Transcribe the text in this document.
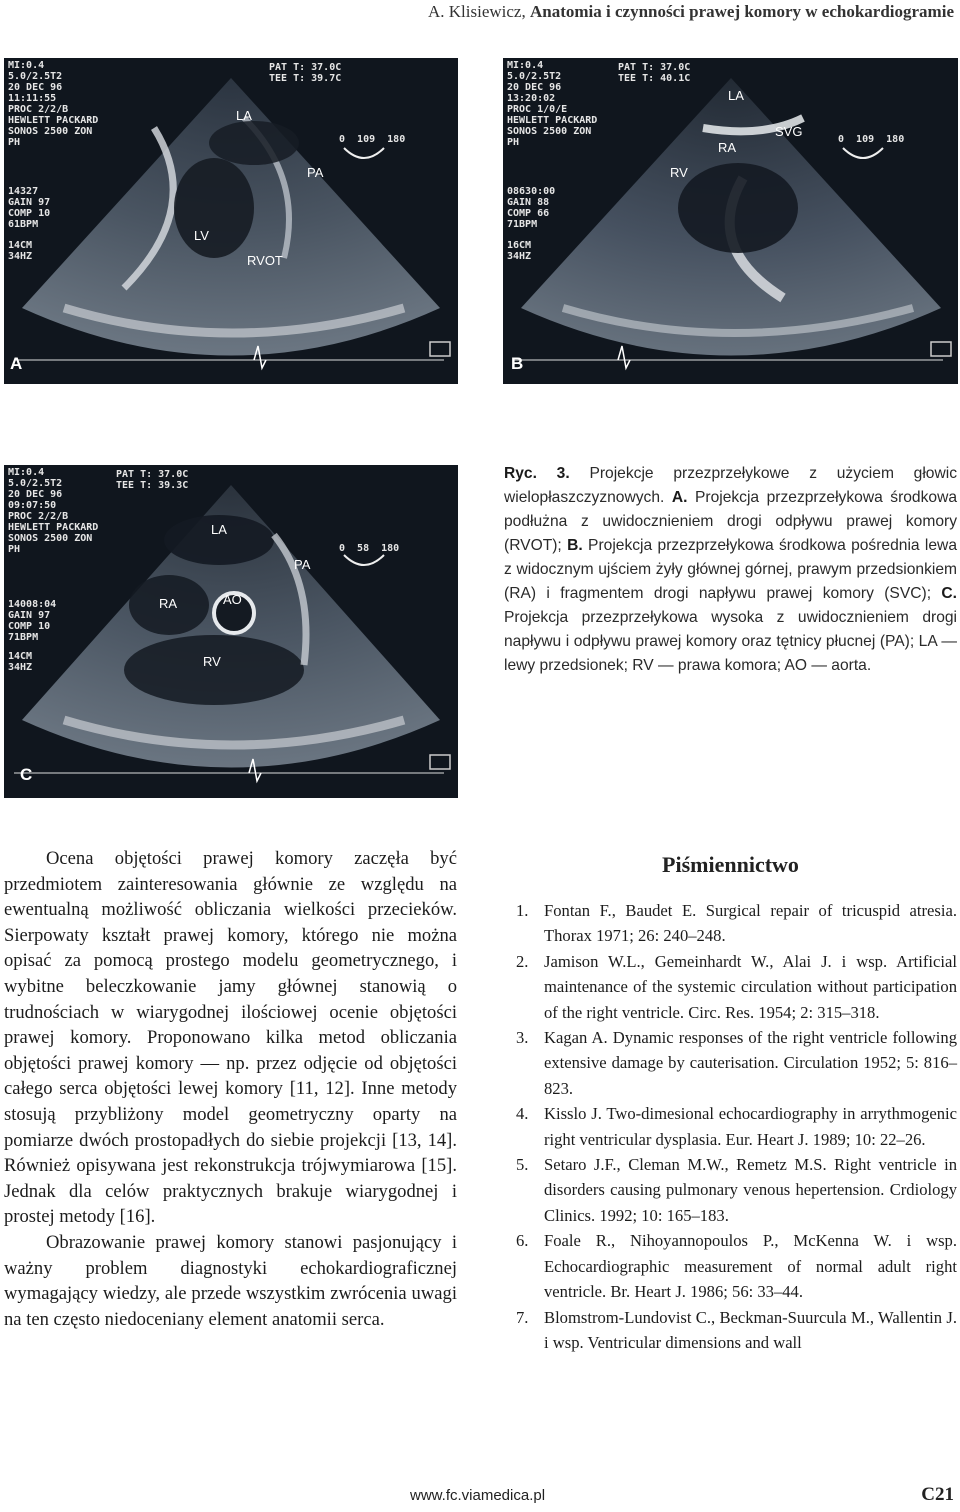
A. Klisiewicz, Anatomia i czynności prawej komory w echokardiogramie
MI:0.4
5.0/2.5T2
20 DEC 96
11:11:55
PROC 2/2/B
HEWLETT PACKARD
SONOS 2500 ZON
PH
PAT T: 37.0C
TEE T: 39.7C
14327
GAIN 97
COMP 10
61BPM
14CM
34HZ
0  109  180
LA
PA
LV
RVOT
A
MI:0.4
5.0/2.5T2
20 DEC 96
13:20:02
PROC 1/0/E
HEWLETT PACKARD
SONOS 2500 ZON
PH
PAT T: 37.0C
TEE T: 40.1C
08630:00
GAIN 88
COMP 66
71BPM
16CM
34HZ
0  109  180
LA
SVG
RA
RV
B
MI:0.4
5.0/2.5T2
20 DEC 96
09:07:50
PROC 2/2/B
HEWLETT PACKARD
SONOS 2500 ZON
PH
PAT T: 37.0C
TEE T: 39.3C
14008:04
GAIN 97
COMP 10
71BPM
14CM
34HZ
0  58  180
LA
PA
RA	AO
RV
C
Ryc. 3. Projekcje przezprzełykowe z użyciem głowic wielopłaszczyznowych. A. Projekcja przezprzełykowa środkowa podłużna z uwidocznieniem drogi odpływu prawej komory (RVOT); B. Projekcja przezprzełykowa środkowa pośrednia lewa z widocznym ujściem żyły głównej górnej, prawym przedsionkiem (RA) i fragmentem drogi napływu prawej komory (SVC); C. Projekcja przezprzełykowa wysoka z uwidocznieniem drogi napływu i odpływu prawej komory oraz tętnicy płucnej (PA); LA — lewy przedsionek; RV — prawa komora; AO — aorta.

Ocena objętości prawej komory zaczęła być przedmiotem zainteresowania głównie ze względu na ewentualną możliwość obliczania wielkości przecieków. Sierpowaty kształt prawej komory, którego nie można opisać za pomocą prostego modelu geometrycznego, i wybitne beleczkowanie jamy głównej stanowią o trudnościach w wiarygodnej ilościowej ocenie objętości prawej komory. Proponowano kilka metod obliczania objętości prawej komory — np. przez odjęcie od objętości całego serca objętości lewej komory [11, 12]. Inne metody stosują przybliżony model geometryczny oparty na pomiarze dwóch prostopadłych do siebie projekcji [13, 14]. Również opisywana jest rekonstrukcja trójwymiarowa [15]. Jednak dla celów praktycznych brakuje wiarygodnej i prostej metody [16].

Obrazowanie prawej komory stanowi pasjonujący i ważny problem diagnostyki echokardiograficznej wymagający wiedzy, ale przede wszystkim zwrócenia uwagi na ten często niedoceniany element anatomii serca.

Piśmiennictwo
1. Fontan F., Baudet E. Surgical repair of tricuspid atresia. Thorax 1971; 26: 240–248.
2. Jamison W.L., Gemeinhardt W., Alai J. i wsp. Artificial maintenance of the systemic circulation without participation of the right ventricle. Circ. Res. 1954; 2: 315–318.
3. Kagan A. Dynamic responses of the right ventricle following extensive damage by cauterisation. Circulation 1952; 5: 816–823.
4. Kisslo J. Two-dimesional echocardiography in arrythmogenic right ventricular dysplasia. Eur. Heart J. 1989; 10: 22–26.
5. Setaro J.F., Cleman M.W., Remetz M.S. Right ventricle in disorders causing pulmonary venous hepertension. Crdiology Clinics. 1992; 10: 165–183.
6. Foale R., Nihoyannopoulos P., McKenna W. i wsp. Echocardiographic measurement of normal adult right ventricle. Br. Heart J. 1986; 56: 33–44.
7. Blomstrom-Lundovist C., Beckman-Suurcula M., Wallentin J. i wsp. Ventricular dimensions and wall
www.fc.viamedica.pl	C21
